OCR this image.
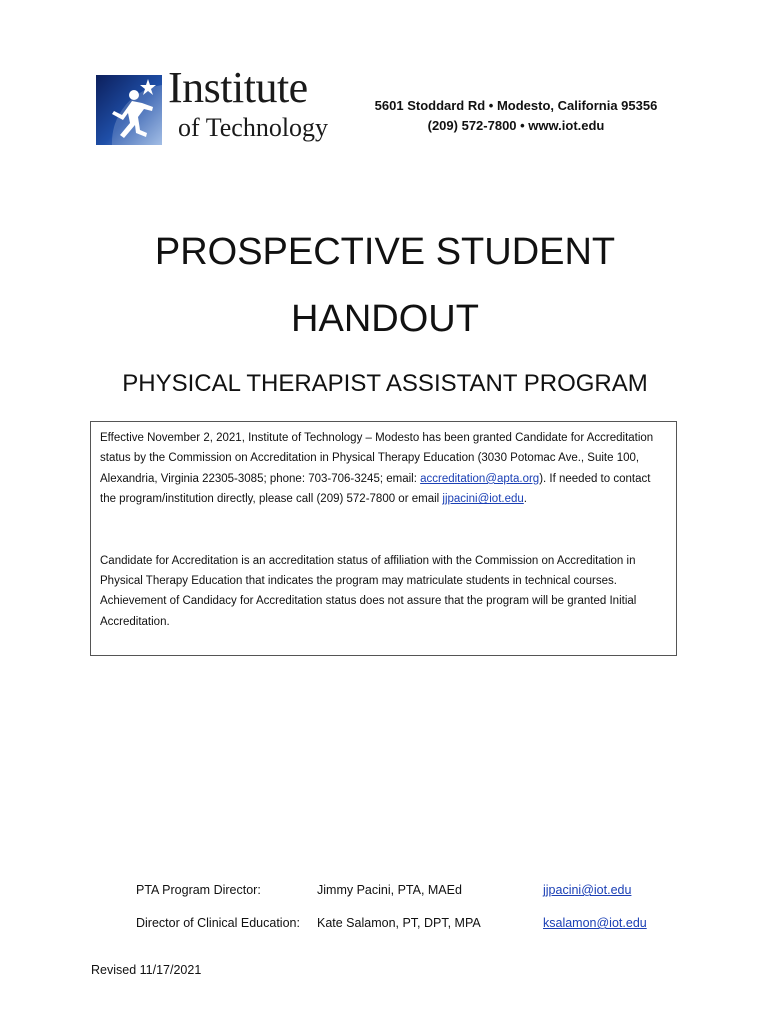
Institute
of Technology
5601 Stoddard Rd • Modesto, California 95356
(209) 572-7800 • www.iot.edu
PROSPECTIVE STUDENT
HANDOUT
PHYSICAL THERAPIST ASSISTANT PROGRAM

Effective November 2, 2021, Institute of Technology – Modesto has been granted Candidate for Accreditation status by the Commission on Accreditation in Physical Therapy Education (3030 Potomac Ave., Suite 100, Alexandria, Virginia 22305-3085; phone: 703-706-3245; email: accreditation@apta.org). If needed to contact the program/institution directly, please call (209) 572-7800 or email jjpacini@iot.edu.

Candidate for Accreditation is an accreditation status of affiliation with the Commission on Accreditation in Physical Therapy Education that indicates the program may matriculate students in technical courses. Achievement of Candidacy for Accreditation status does not assure that the program will be granted Initial Accreditation.

PTA Program Director:	Jimmy Pacini, PTA, MAEd	jjpacini@iot.edu
Director of Clinical Education: Kate Salamon, PT, DPT, MPA	ksalamon@iot.edu
Revised 11/17/2021
